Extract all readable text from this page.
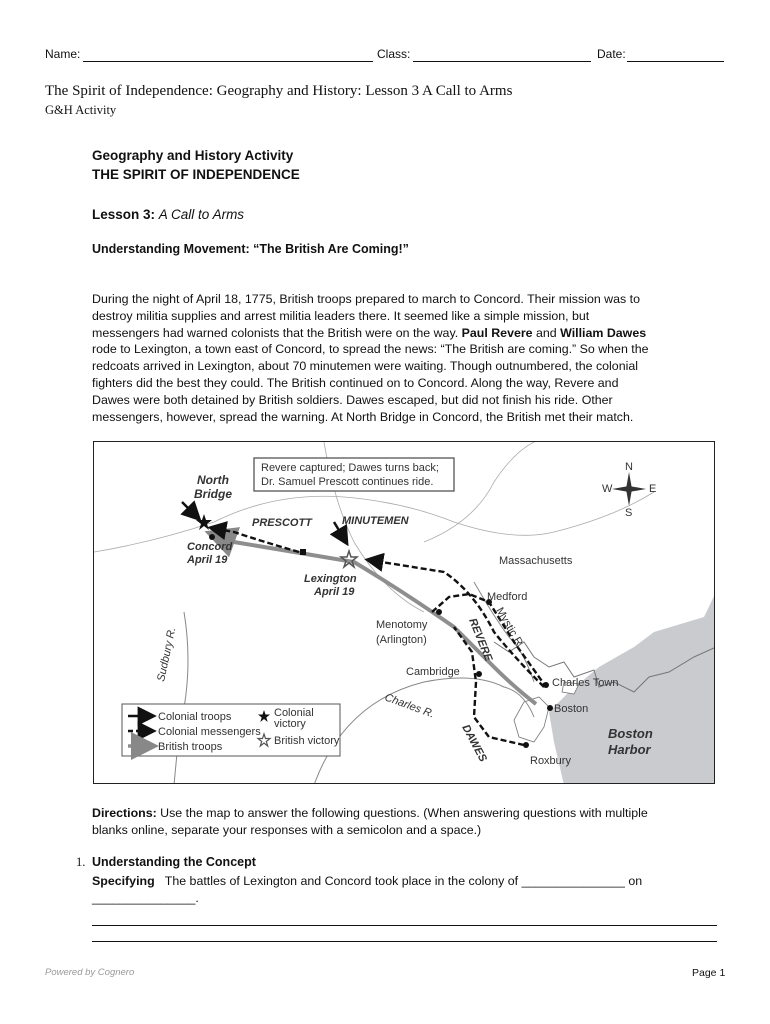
Name:	Class:	Date:
The Spirit of Independence: Geography and History: Lesson 3 A Call to Arms
G&H Activity
Geography and History Activity
THE SPIRIT OF INDEPENDENCE
Lesson 3: A Call to Arms
Understanding Movement: “The British Are Coming!”
During the night of April 18, 1775, British troops prepared to march to Concord. Their mission was to
destroy militia supplies and arrest militia leaders there. It seemed like a simple mission, but
messengers had warned colonists that the British were on the way. Paul Revere and William Dawes
rode to Lexington, a town east of Concord, to spread the news: “The British are coming.” So when the
redcoats arrived in Lexington, about 70 minutemen were waiting. Though outnumbered, the colonial
fighters did the best they could. The British continued on to Concord. Along the way, Revere and
Dawes were both detained by British soldiers. Dawes escaped, but did not finish his ride. Other
messengers, however, spread the warning. At North Bridge in Concord, the British met their match.
Revere captured; Dawes turns back;
Dr. Samuel Prescott continues ride.
North
Bridge
PRESCOTT	MINUTEMEN
Concord
April 19
Lexington
April 19
Massachusetts
Medford
Mystic R.
Menotomy
(Arlington)	REVERE
Cambridge
Charles Town
Boston
Boston
Harbor
Roxbury
DAWES
Charles R.
Sudbury R.
N
S
E
W
Colonial troops
Colonial messengers
British troops
Colonial
victory
British victory
Directions: Use the map to answer the following questions. (When answering questions with multiple
blanks online, separate your responses with a semicolon and a space.)
1. Understanding the Concept
Specifying The battles of Lexington and Concord took place in the colony of _______________ on
_______________.
Powered by Cognero	Page 1
